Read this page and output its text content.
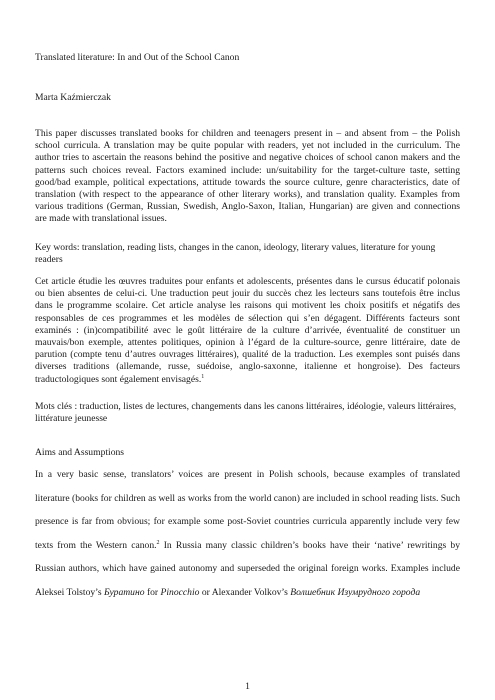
Translated literature: In and Out of the School Canon

Marta Kaźmierczak

This paper discusses translated books for children and teenagers present in – and absent from – the Polish school curricula. A translation may be quite popular with readers, yet not included in the curriculum. The author tries to ascertain the reasons behind the positive and negative choices of school canon makers and the patterns such choices reveal. Factors examined include: un/suitability for the target-culture taste, setting good/bad example, political expectations, attitude towards the source culture, genre characteristics, date of translation (with respect to the appearance of other literary works), and translation quality. Examples from various traditions (German, Russian, Swedish, Anglo-Saxon, Italian, Hungarian) are given and connections are made with translational issues.

Key words: translation, reading lists, changes in the canon, ideology, literary values, literature for young readers

Cet article étudie les œuvres traduites pour enfants et adolescents, présentes dans le cursus éducatif polonais ou bien absentes de celui-ci. Une traduction peut jouir du succès chez les lecteurs sans toutefois être inclus dans le programme scolaire. Cet article analyse les raisons qui motivent les choix positifs et négatifs des responsables de ces programmes et les modèles de sélection qui s’en dégagent. Différents facteurs sont examinés : (in)compatibilité avec le goût littéraire de la culture d’arrivée, éventualité de constituer un mauvais/bon exemple, attentes politiques, opinion à l’égard de la culture-source, genre littéraire, date de parution (compte tenu d’autres ouvrages littéraires), qualité de la traduction. Les exemples sont puisés dans diverses traditions (allemande, russe, suédoise, anglo-saxonne, italienne et hongroise). Des facteurs traductologiques sont également envisagés.$^1$

Mots clés : traduction, listes de lectures, changements dans les canons littéraires, idéologie, valeurs littéraires, littérature jeunesse

Aims and Assumptions

In a very basic sense, translators’ voices are present in Polish schools, because examples of translated literature (books for children as well as works from the world canon) are included in school reading lists. Such presence is far from obvious; for example some post-Soviet countries curricula apparently include very few texts from the Western canon.$^2$ In Russia many classic children’s books have their ‘native’ rewritings by Russian authors, which have gained autonomy and superseded the original foreign works. Examples include Aleksei Tolstoy’s Буратино for Pinocchio or Alexander Volkov’s Волшебник Изумрудного города

1
